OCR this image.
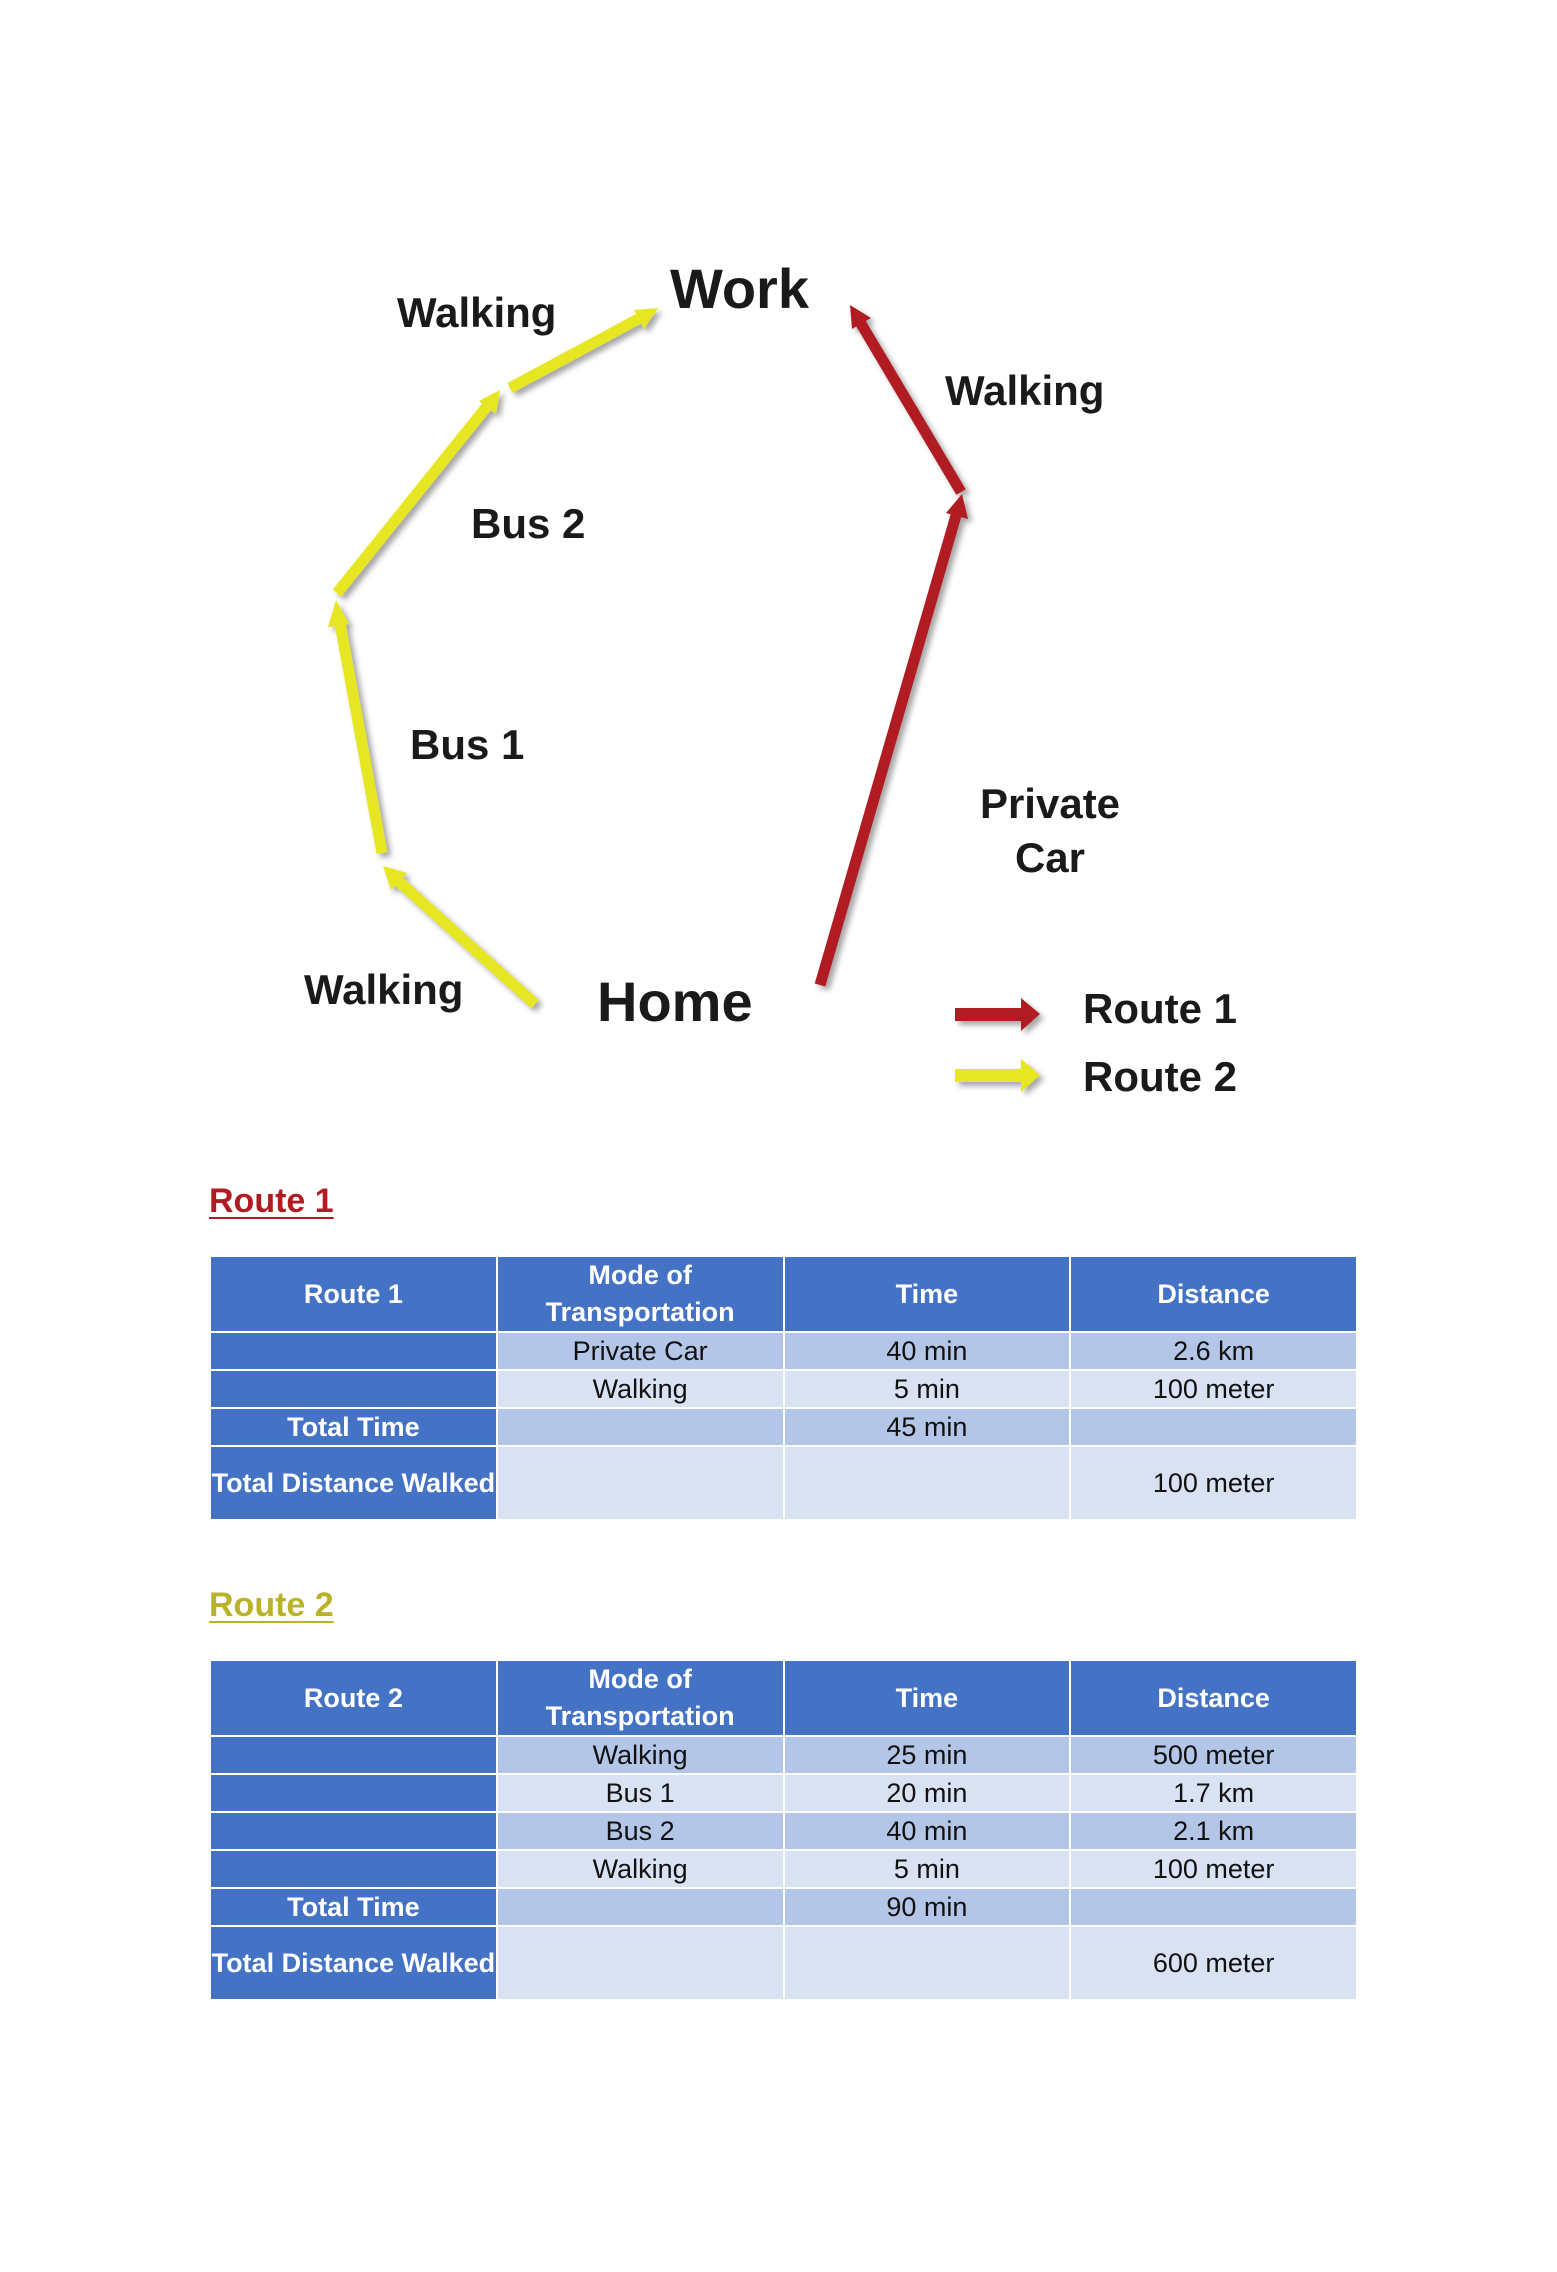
Work
Home
Walking
Walking
Bus 2
Bus 1
Private
Car
Walking	Route 1
Route 2
Route 1
Route 1	Mode of Transportation	Time	Distance
	Private Car	40 min	2.6 km
	Walking	5 min	100 meter
Total Time		45 min	
Total Distance Walked			100 meter
Route 2
Route 2	Mode of Transportation	Time	Distance
	Walking	25 min	500 meter
	Bus 1	20 min	1.7 km
	Bus 2	40 min	2.1 km
	Walking	5 min	100 meter
Total Time		90 min	
Total Distance Walked			600 meter
